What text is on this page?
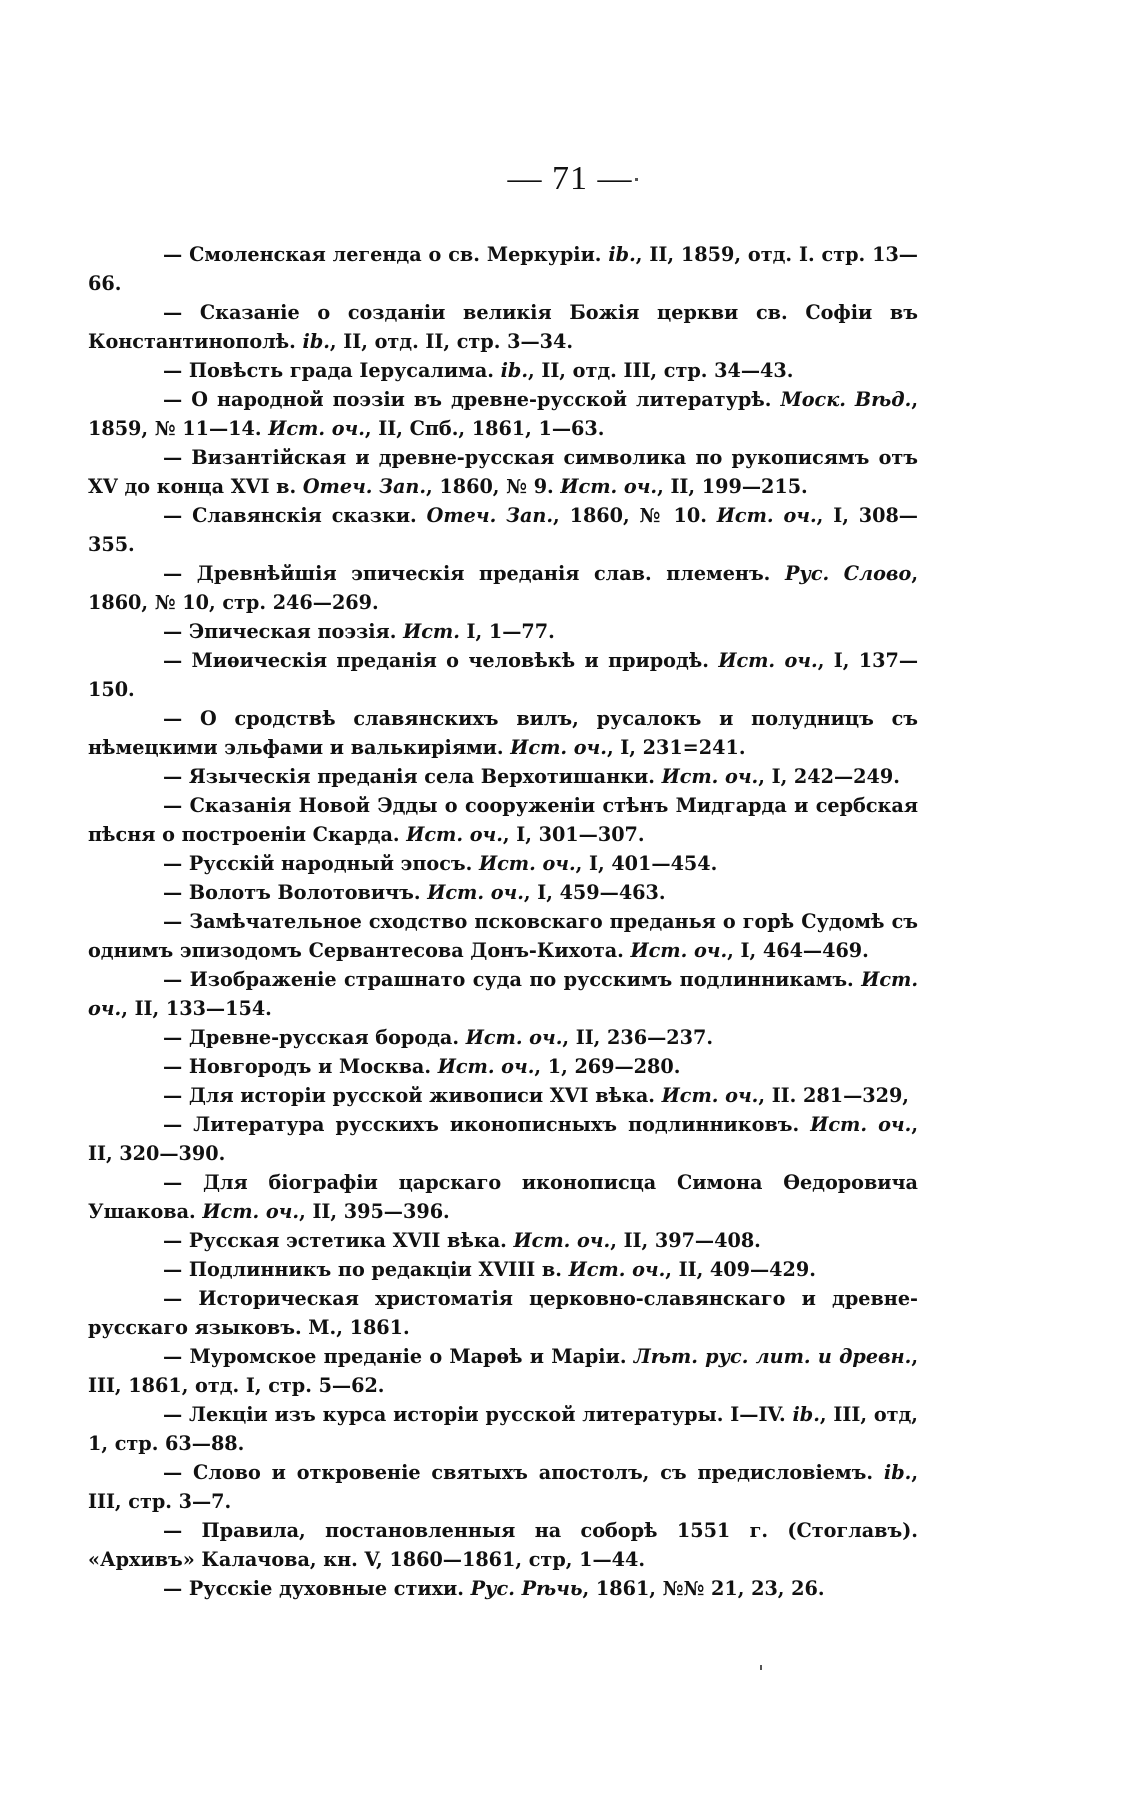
— 71 —

— Смоленская легенда о св. Меркуріи. ib., II, 1859, отд. I. стр. 13—66.

— Сказаніе о созданіи великія Божія церкви св. Софіи въ Константинополѣ. ib., II, отд. II, стр. 3—34.

— Повѣсть града Іерусалима. ib., II, отд. III, стр. 34—43.

— О народной поэзіи въ древне-русской литературѣ. Моск. Вѣд., 1859, № 11—14. Ист. оч., II, Спб., 1861, 1—63.

— Византійская и древне-русская символика по рукописямъ отъ XV до конца XVI в. Отеч. Зап., 1860, № 9. Ист. оч., II, 199—215.

— Славянскія сказки. Отеч. Зап., 1860, № 10. Ист. оч., I, 308—355.

— Древнѣйшія эпическія преданія слав. племенъ. Рус. Слово, 1860, № 10, стр. 246—269.

— Эпическая поэзія. Ист. I, 1—77.

— Миѳическія преданія о человѣкѣ и природѣ. Ист. оч., I, 137—150.

— О сродствѣ славянскихъ вилъ, русалокъ и полудницъ съ нѣмецкими эльфами и валькиріями. Ист. оч., I, 231=241.

— Языческія преданія села Верхотишанки. Ист. оч., I, 242—249.

— Сказанія Новой Эдды о сооруженіи стѣнъ Мидгарда и сербская пѣсня о построеніи Скарда. Ист. оч., I, 301—307.

— Русскій народный эпосъ. Ист. оч., I, 401—454.

— Волотъ Волотовичъ. Ист. оч., I, 459—463.

— Замѣчательное сходство псковскаго преданья о горѣ Судомѣ съ однимъ эпизодомъ Сервантесова Донъ-Кихота. Ист. оч., I, 464—469.

— Изображеніе страшнато суда по русскимъ подлинникамъ. Ист. оч., II, 133—154.

— Древне-русская борода. Ист. оч., II, 236—237.

— Новгородъ и Москва. Ист. оч., 1, 269—280.

— Для исторіи русской живописи XVI вѣка. Ист. оч., II. 281—329,

— Литература русскихъ иконописныхъ подлинниковъ. Ист. оч., II, 320—390.

— Для біографіи царскаго иконописца Симона Ѳедоровича Ушакова. Ист. оч., II, 395—396.

— Русская эстетика XVII вѣка. Ист. оч., II, 397—408.

— Подлинникъ по редакціи XVIII в. Ист. оч., II, 409—429.

— Историческая христоматія церковно-славянскаго и древне-русскаго языковъ. М., 1861.

— Муромское преданіе о Марѳѣ и Маріи. Лѣт. рус. лит. и древн., III, 1861, отд. I, стр. 5—62.

— Лекціи изъ курса исторіи русской литературы. I—IV. ib., III, отд, 1, стр. 63—88.

— Слово и откровеніе святыхъ апостолъ, съ предисловіемъ. ib., III, стр. 3—7.

— Правила, постановленныя на соборѣ 1551 г. (Стоглавъ). «Архивъ» Калачова, кн. V, 1860—1861, стр, 1—44.

— Русскіе духовные стихи. Рус. Рѣчь, 1861, №№ 21, 23, 26.
